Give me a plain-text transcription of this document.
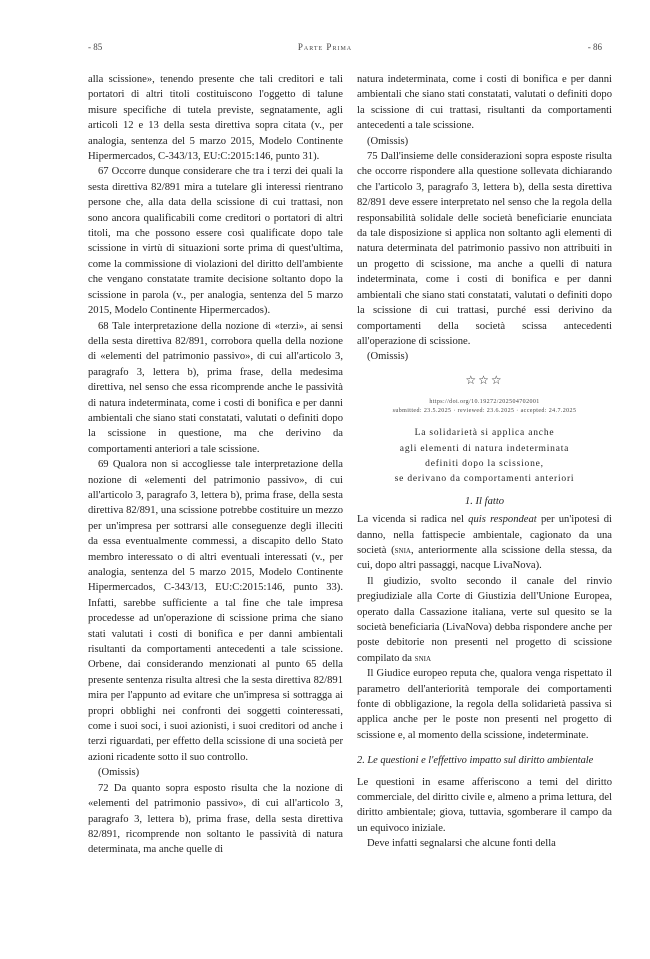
- 85	Parte Prima	- 86

alla scissione», tenendo presente che tali creditori e tali portatori di altri titoli costituiscono l'oggetto di talune misure specifiche di tutela previste, segnatamente, agli articoli 12 e 13 della sesta direttiva sopra citata (v., per analogia, sentenza del 5 marzo 2015, Modelo Continente Hipermercados, C-343/13, EU:C:2015:146, punto 31).

67 Occorre dunque considerare che tra i terzi dei quali la sesta direttiva 82/891 mira a tutelare gli interessi rientrano persone che, alla data della scissione di cui trattasi, non sono ancora qualificabili come creditori o portatori di altri titoli, ma che possono essere così qualificate dopo tale scissione in virtù di situazioni sorte prima di quest'ultima, come la commissione di violazioni del diritto dell'ambiente che vengano constatate tramite decisione soltanto dopo la scissione in parola (v., per analogia, sentenza del 5 marzo 2015, Modelo Continente Hipermercados).

68 Tale interpretazione della nozione di «terzi», ai sensi della sesta direttiva 82/891, corrobora quella della nozione di «elementi del patrimonio passivo», di cui all'articolo 3, paragrafo 3, lettera b), prima frase, della medesima direttiva, nel senso che essa ricomprende anche le passività di natura indeterminata, come i costi di bonifica e per danni ambientali che siano stati constatati, valutati o definiti dopo la scissione in questione, ma che derivino da comportamenti anteriori a tale scissione.

69 Qualora non si accogliesse tale interpretazione della nozione di «elementi del patrimonio passivo», di cui all'articolo 3, paragrafo 3, lettera b), prima frase, della sesta direttiva 82/891, una scissione potrebbe costituire un mezzo per un'impresa per sottrarsi alle conseguenze degli illeciti da essa eventualmente commessi, a discapito dello Stato membro interessato o di altri eventuali interessati (v., per analogia, sentenza del 5 marzo 2015, Modelo Continente Hipermercados, C-343/13, EU:C:2015:146, punto 33). Infatti, sarebbe sufficiente a tal fine che tale impresa procedesse ad un'operazione di scissione prima che siano stati valutati i costi di bonifica e per danni ambientali risultanti da comportamenti antecedenti a tale scissione. Orbene, dai considerando menzionati al punto 65 della presente sentenza risulta altresì che la sesta direttiva 82/891 mira per l'appunto ad evitare che un'impresa si sottragga ai propri obblighi nei confronti dei soggetti cointeressati, come i suoi soci, i suoi azionisti, i suoi creditori od anche i terzi riguardati, per effetto della scissione di una società per azioni ricadente sotto il suo controllo.

(Omissis)

72 Da quanto sopra esposto risulta che la nozione di «elementi del patrimonio passivo», di cui all'articolo 3, paragrafo 3, lettera b), prima frase, della sesta direttiva 82/891, ricomprende non soltanto le passività di natura determinata, ma anche quelle di

natura indeterminata, come i costi di bonifica e per danni ambientali che siano stati constatati, valutati o definiti dopo la scissione di cui trattasi, risultanti da comportamenti antecedenti a tale scissione.

(Omissis)

75 Dall'insieme delle considerazioni sopra esposte risulta che occorre rispondere alla questione sollevata dichiarando che l'articolo 3, paragrafo 3, lettera b), della sesta direttiva 82/891 deve essere interpretato nel senso che la regola della responsabilità solidale delle società beneficiarie enunciata da tale disposizione si applica non soltanto agli elementi di natura determinata del patrimonio passivo non attribuiti in un progetto di scissione, ma anche a quelli di natura indeterminata, come i costi di bonifica e per danni ambientali che siano stati constatati, valutati o definiti dopo la scissione di cui trattasi, purché essi derivino da comportamenti della società scissa antecedenti all'operazione di scissione.

(Omissis)
☆☆☆
https://doi.org/10.19272/202504702001
submitted: 23.5.2025 · reviewed: 23.6.2025 · accepted: 24.7.2025
La solidarietà si applica anche
agli elementi di natura indeterminata
definiti dopo la scissione,
se derivano da comportamenti anteriori
1. Il fatto

La vicenda si radica nel quis respondeat per un'ipotesi di danno, nella fattispecie ambientale, cagionato da una società (snia, anteriormente alla scissione della stessa, da cui, dopo altri passaggi, nacque LivaNova).

Il giudizio, svolto secondo il canale del rinvio pregiudiziale alla Corte di Giustizia dell'Unione Europea, operato dalla Cassazione italiana, verte sul quesito se la società beneficiaria (LivaNova) debba rispondere anche per poste debitorie non presenti nel progetto di scissione compilato da snia

Il Giudice europeo reputa che, qualora venga rispettato il parametro dell'anteriorità temporale dei comportamenti fonte di obbligazione, la regola della solidarietà passiva si applica anche per le poste non presenti nel progetto di scissione e, al momento della scissione, indeterminate.

2. Le questioni e l'effettivo impatto sul diritto ambientale

Le questioni in esame afferiscono a temi del diritto commerciale, del diritto civile e, almeno a prima lettura, del diritto ambientale; giova, tuttavia, sgomberare il campo da un equivoco iniziale.

Deve infatti segnalarsi che alcune fonti della
